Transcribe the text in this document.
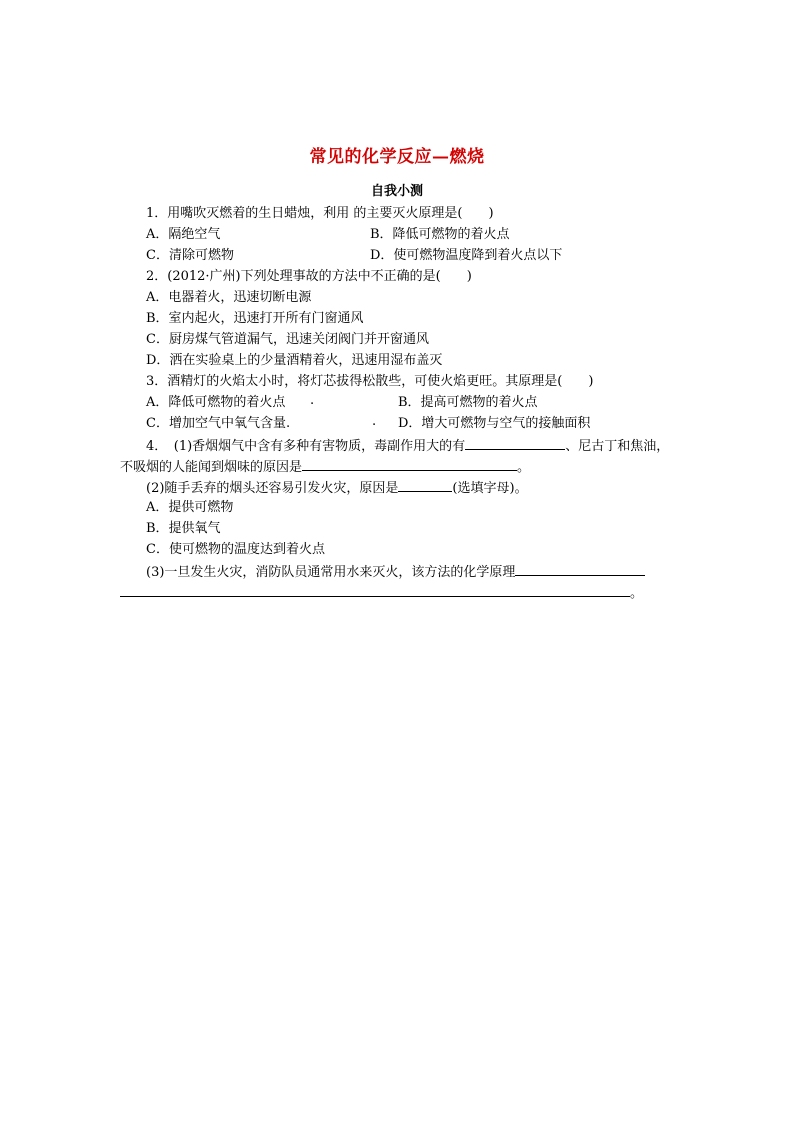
常见的化学反应—燃烧
自我小测
1．用嘴吹灭燃着的生日蜡烛，利用 的主要灭火原理是(　　)
A．隔绝空气	B．降低可燃物的着火点
C．清除可燃物	D．使可燃物温度降到着火点以下
2．(2012·广州)下列处理事故的方法中不正确的是(　　)
A．电器着火，迅速切断电源
B．室内起火，迅速打开所有门窗通风
C．厨房煤气管道漏气，迅速关闭阀门并开窗通风
D．洒在实验桌上的少量酒精着火，迅速用湿布盖灭
3．酒精灯的火焰太小时，将灯芯拔得松散些，可使火焰更旺。其原理是(　　)
A．降低可燃物的着火点 .	B．提高可燃物的着火点
C．增加空气中氧气含量.	. D．增大可燃物与空气的接触面积
4．　(1)香烟烟气中含有多种有害物质，毒副作用大的有	、尼古丁和焦油，
不吸烟的人能闻到烟味的原因是	。
(2)随手丢弃的烟头还容易引发火灾，原因是	(选填字母)。
A．提供可燃物
B．提供氧气
C．使可燃物的温度达到着火点
(3)一旦发生火灾，消防队员通常用水来灭火，该方法的化学原理
。
